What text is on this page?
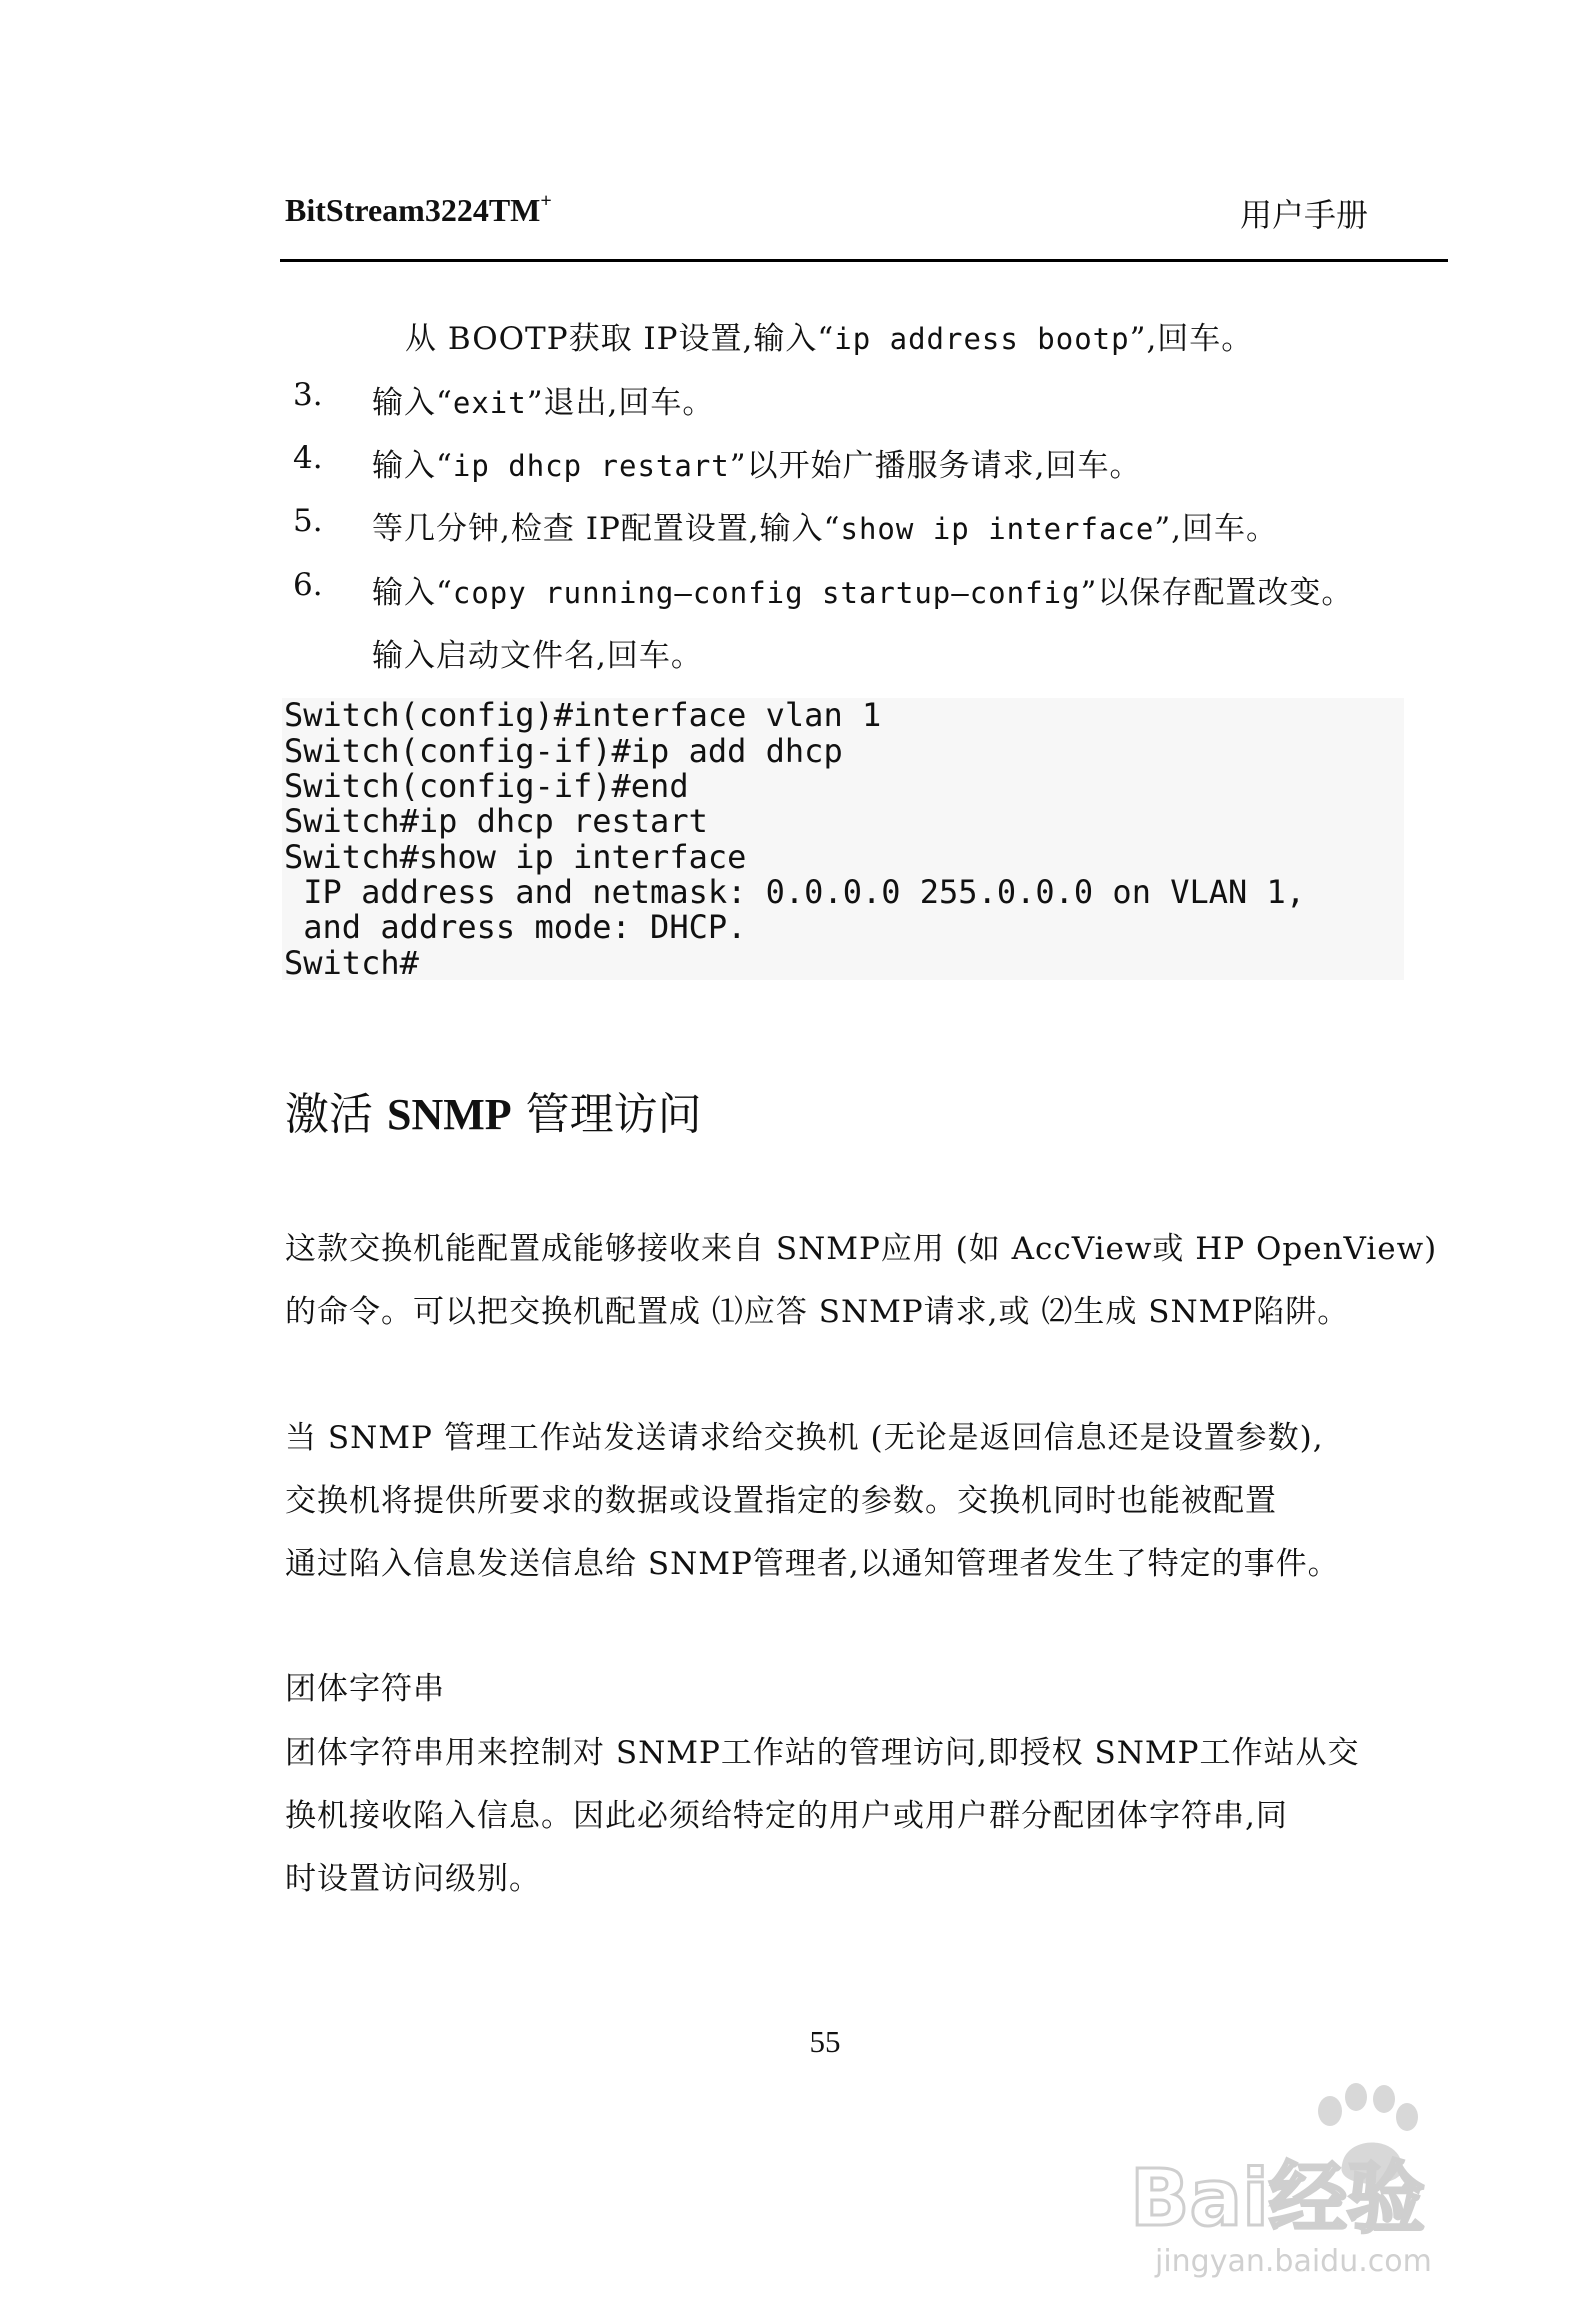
BitStream3224TM+	用户手册
从 BOOTP获取 IP设置,输入“ip address bootp”,回车。
3. 输入“exit”退出,回车。
4. 输入“ip dhcp restart”以开始广播服务请求,回车。
5. 等几分钟,检查 IP配置设置,输入“show ip interface”,回车。
6. 输入“copy running—config startup—config”以保存配置改变。
输入启动文件名,回车。
Switch(config)#interface vlan 1
Switch(config-if)#ip add dhcp
Switch(config-if)#end
Switch#ip dhcp restart
Switch#show ip interface
IP address and netmask: 0.0.0.0 255.0.0.0 on VLAN 1,
and address mode: DHCP.
Switch#
激活 SNMP 管理访问
这款交换机能配置成能够接收来自 SNMP应用 (如 AccView或 HP OpenView)
的命令。可以把交换机配置成 ⑴应答 SNMP请求,或 ⑵生成 SNMP陷阱。
当 SNMP 管理工作站发送请求给交换机 (无论是返回信息还是设置参数),
交换机将提供所要求的数据或设置指定的参数。交换机同时也能被配置
通过陷入信息发送信息给 SNMP管理者,以通知管理者发生了特定的事件。
团体字符串
团体字符串用来控制对 SNMP工作站的管理访问,即授权 SNMP工作站从交
换机接收陷入信息。因此必须给特定的用户或用户群分配团体字符串,同
时设置访问级别。
55
Bai经验
jingyan.baidu.com
